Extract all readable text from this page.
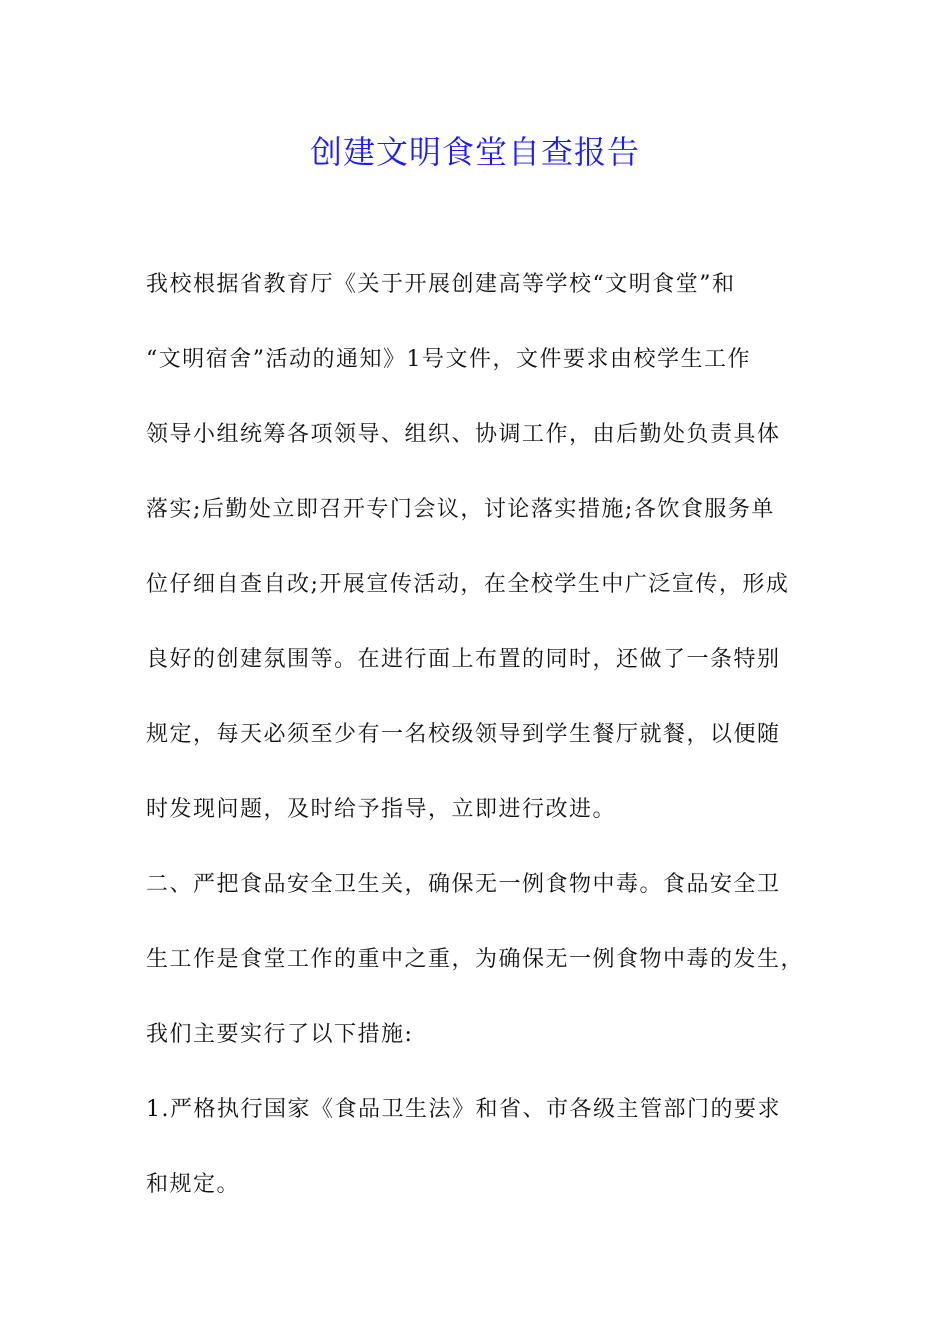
创建文明食堂自查报告
我校根据省教育厅《关于开展创建高等学校“文明食堂”和
“文明宿舍”活动的通知》1号文件，文件要求由校学生工作
领导小组统筹各项领导、组织、协调工作，由后勤处负责具体
落实;后勤处立即召开专门会议，讨论落实措施;各饮食服务单
位仔细自查自改;开展宣传活动，在全校学生中广泛宣传，形成
良好的创建氛围等。在进行面上布置的同时，还做了一条特别
规定，每天必须至少有一名校级领导到学生餐厅就餐，以便随
时发现问题，及时给予指导，立即进行改进。
二、严把食品安全卫生关，确保无一例食物中毒。食品安全卫
生工作是食堂工作的重中之重，为确保无一例食物中毒的发生，
我们主要实行了以下措施:
1.严格执行国家《食品卫生法》和省、市各级主管部门的要求
和规定。
